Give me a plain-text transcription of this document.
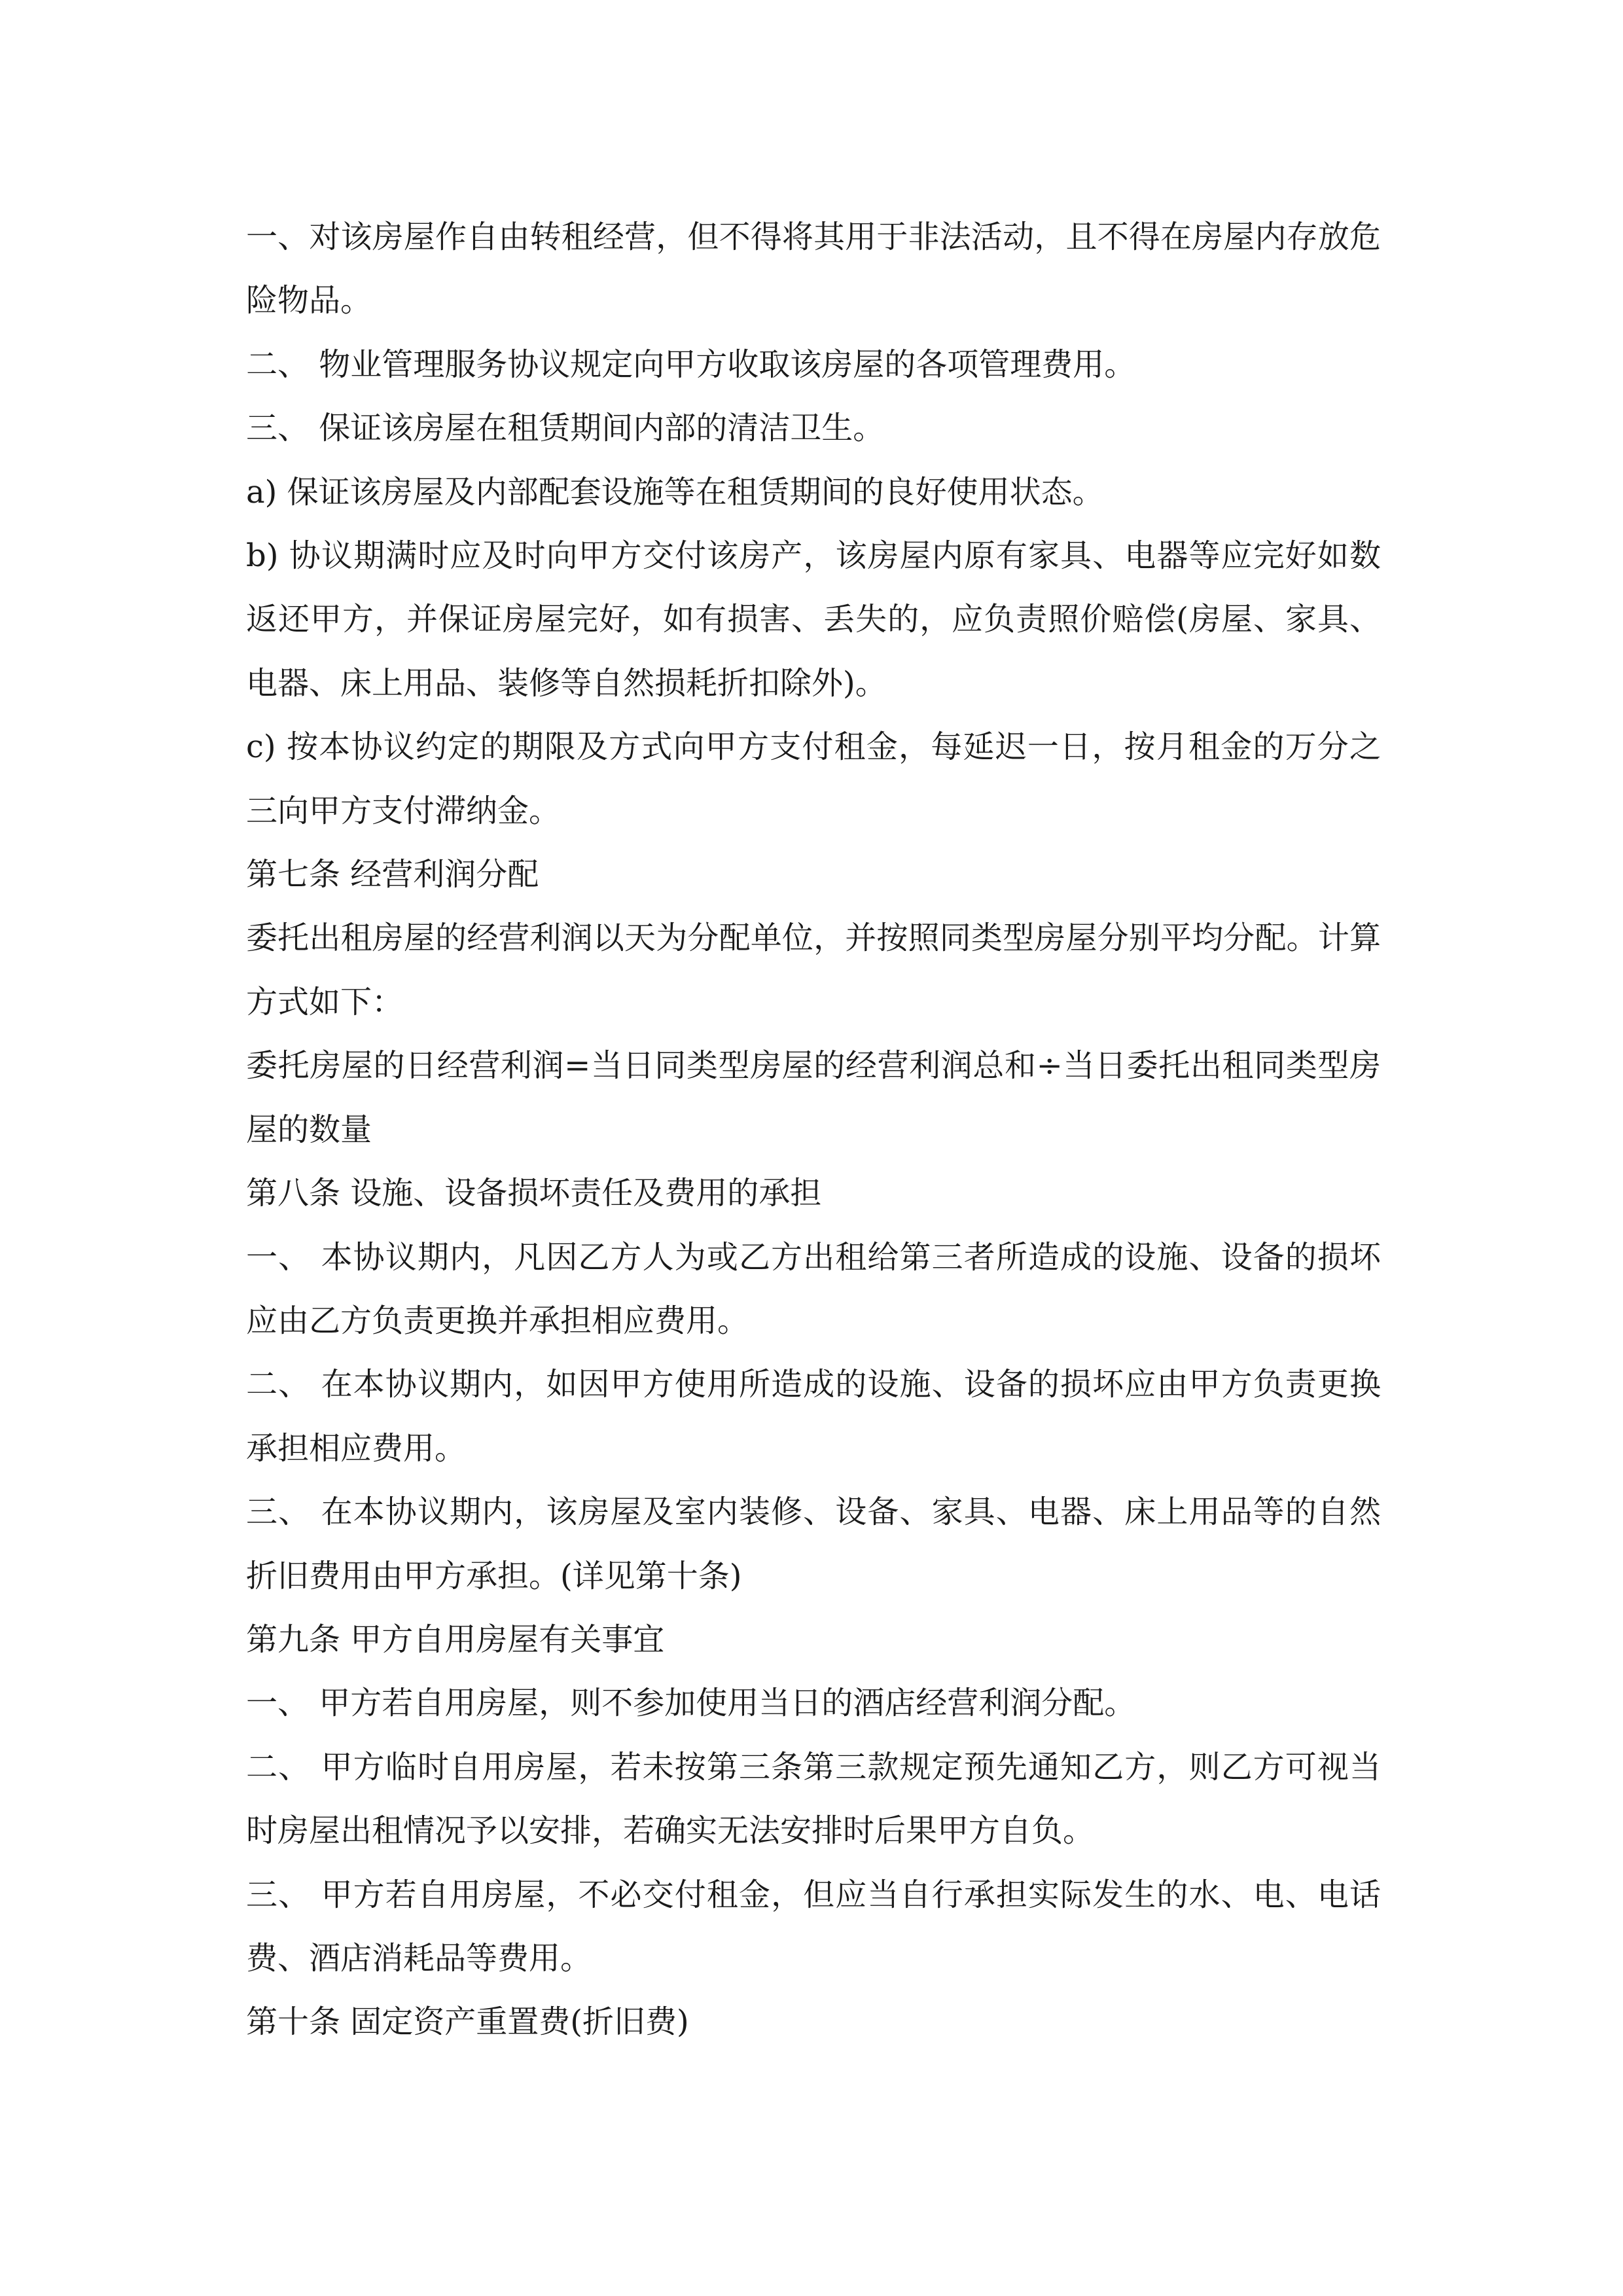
一、对该房屋作自由转租经营，但不得将其用于非法活动，且不得在房屋内存放危险物品。

二、 物业管理服务协议规定向甲方收取该房屋的各项管理费用。

三、 保证该房屋在租赁期间内部的清洁卫生。

a) 保证该房屋及内部配套设施等在租赁期间的良好使用状态。

b) 协议期满时应及时向甲方交付该房产，该房屋内原有家具、电器等应完好如数返还甲方，并保证房屋完好，如有损害、丢失的，应负责照价赔偿(房屋、家具、电器、床上用品、装修等自然损耗折扣除外)。

c) 按本协议约定的期限及方式向甲方支付租金，每延迟一日，按月租金的万分之三向甲方支付滞纳金。

第七条 经营利润分配

委托出租房屋的经营利润以天为分配单位，并按照同类型房屋分别平均分配。计算方式如下：

委托房屋的日经营利润=当日同类型房屋的经营利润总和÷当日委托出租同类型房屋的数量

第八条 设施、设备损坏责任及费用的承担

一、 本协议期内，凡因乙方人为或乙方出租给第三者所造成的设施、设备的损坏应由乙方负责更换并承担相应费用。

二、 在本协议期内，如因甲方使用所造成的设施、设备的损坏应由甲方负责更换承担相应费用。

三、 在本协议期内，该房屋及室内装修、设备、家具、电器、床上用品等的自然折旧费用由甲方承担。(详见第十条)

第九条 甲方自用房屋有关事宜

一、 甲方若自用房屋，则不参加使用当日的酒店经营利润分配。

二、 甲方临时自用房屋，若未按第三条第三款规定预先通知乙方，则乙方可视当时房屋出租情况予以安排，若确实无法安排时后果甲方自负。

三、 甲方若自用房屋，不必交付租金，但应当自行承担实际发生的水、电、电话费、酒店消耗品等费用。

第十条 固定资产重置费(折旧费)
